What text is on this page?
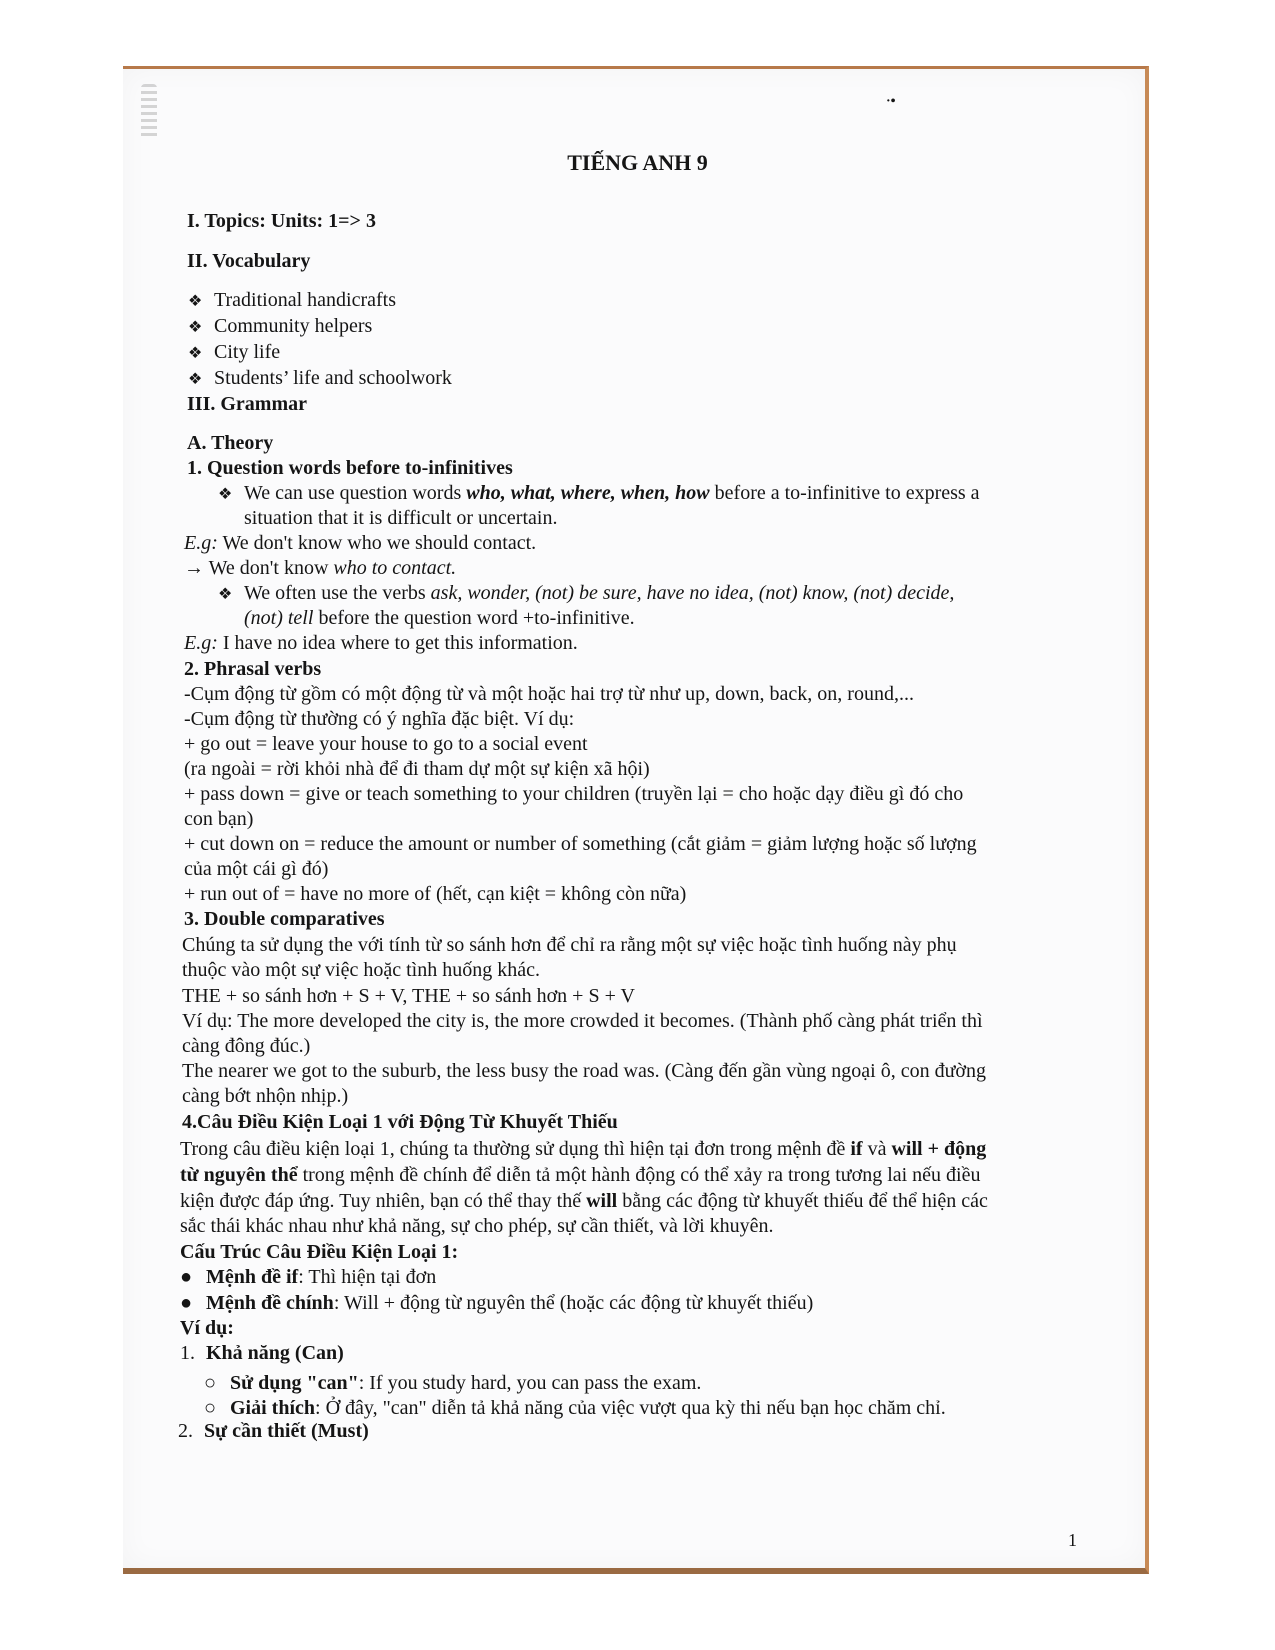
·•
TIẾNG ANH 9

I. Topics: Units: 1=> 3

II. Vocabulary

❖ Traditional handicrafts

❖ Community helpers

❖ City life

❖ Students’ life and schoolwork

III. Grammar

A. Theory

1. Question words before to-infinitives

❖ We can use question words who, what, where, when, how before a to-infinitive to express a

situation that it is difficult or uncertain.

E.g: We don't know who we should contact.

→ We don't know who to contact.

❖ We often use the verbs ask, wonder, (not) be sure, have no idea, (not) know, (not) decide,

(not) tell before the question word +to-infinitive.

E.g: I have no idea where to get this information.

2. Phrasal verbs

-Cụm động từ gồm có một động từ và một hoặc hai trợ từ như up, down, back, on, round,...

-Cụm động từ thường có ý nghĩa đặc biệt. Ví dụ:

+ go out = leave your house to go to a social event

(ra ngoài = rời khỏi nhà để đi tham dự một sự kiện xã hội)

+ pass down = give or teach something to your children (truyền lại = cho hoặc dạy điều gì đó cho

con bạn)

+ cut down on = reduce the amount or number of something (cắt giảm = giảm lượng hoặc số lượng

của một cái gì đó)

+ run out of = have no more of (hết, cạn kiệt = không còn nữa)

3. Double comparatives

Chúng ta sử dụng the với tính từ so sánh hơn để chỉ ra rằng một sự việc hoặc tình huống này phụ

thuộc vào một sự việc hoặc tình huống khác.

THE + so sánh hơn + S + V, THE + so sánh hơn + S + V

Ví dụ: The more developed the city is, the more crowded it becomes. (Thành phố càng phát triển thì

càng đông đúc.)

The nearer we got to the suburb, the less busy the road was. (Càng đến gần vùng ngoại ô, con đường

càng bớt nhộn nhịp.)

4.Câu Điều Kiện Loại 1 với Động Từ Khuyết Thiếu

Trong câu điều kiện loại 1, chúng ta thường sử dụng thì hiện tại đơn trong mệnh đề if và will + động

từ nguyên thể trong mệnh đề chính để diễn tả một hành động có thể xảy ra trong tương lai nếu điều

kiện được đáp ứng. Tuy nhiên, bạn có thể thay thế will bằng các động từ khuyết thiếu để thể hiện các

sắc thái khác nhau như khả năng, sự cho phép, sự cần thiết, và lời khuyên.

Cấu Trúc Câu Điều Kiện Loại 1:

● Mệnh đề if: Thì hiện tại đơn

● Mệnh đề chính: Will + động từ nguyên thể (hoặc các động từ khuyết thiếu)

Ví dụ:

1. Khả năng (Can)

○ Sử dụng "can": If you study hard, you can pass the exam.

○ Giải thích: Ở đây, "can" diễn tả khả năng của việc vượt qua kỳ thi nếu bạn học chăm chỉ.

2. Sự cần thiết (Must)

1
